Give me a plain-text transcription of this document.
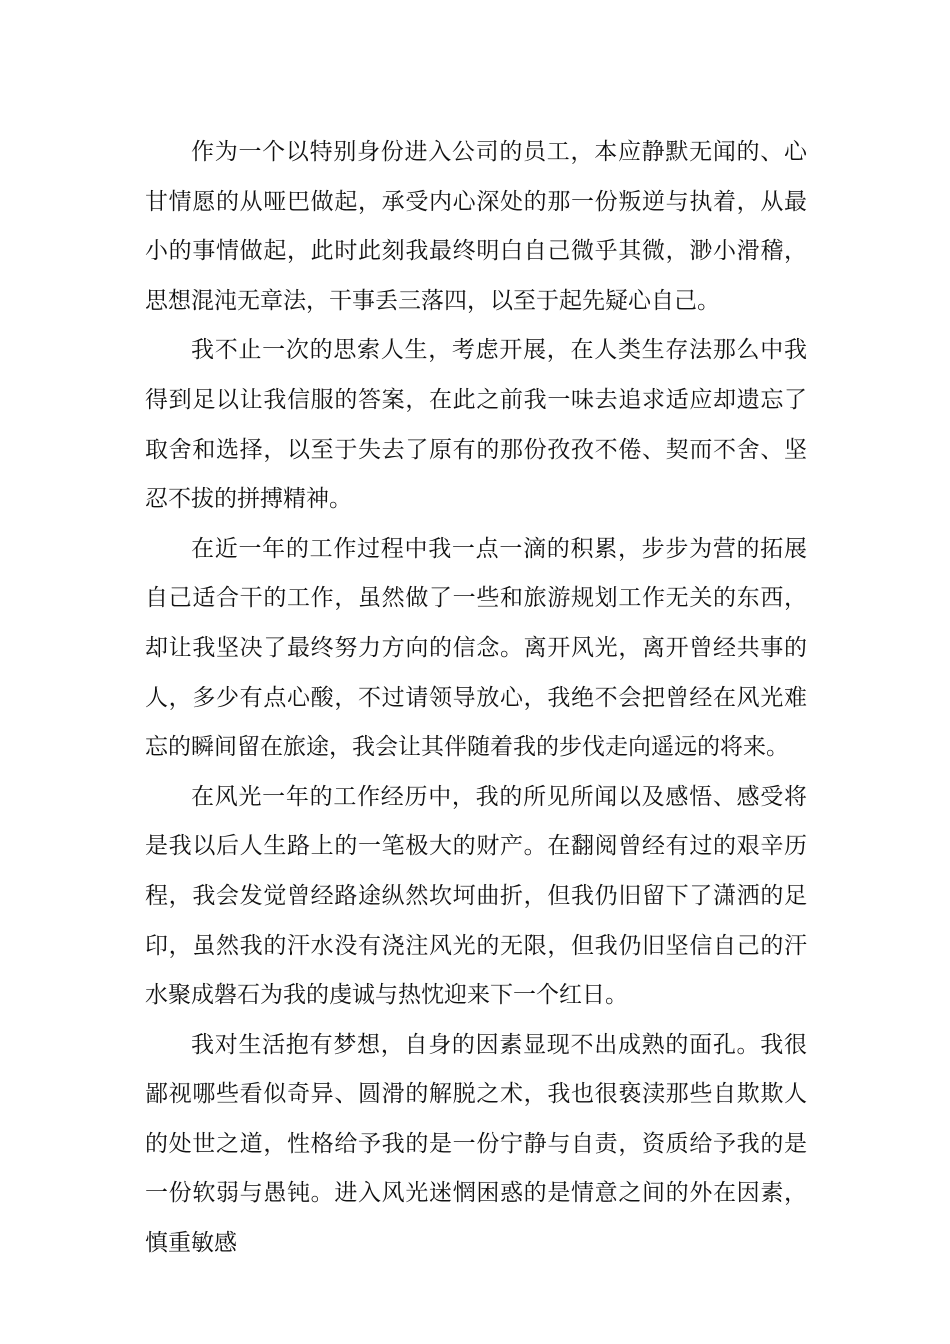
作为一个以特别身份进入公司的员工，本应静默无闻的、心甘情愿的从哑巴做起，承受内心深处的那一份叛逆与执着，从最小的事情做起，此时此刻我最终明白自己微乎其微，渺小滑稽，思想混沌无章法，干事丢三落四，以至于起先疑心自己。

我不止一次的思索人生，考虑开展，在人类生存法那么中我得到足以让我信服的答案，在此之前我一味去追求适应却遗忘了取舍和选择，以至于失去了原有的那份孜孜不倦、契而不舍、坚忍不拔的拼搏精神。

在近一年的工作过程中我一点一滴的积累，步步为营的拓展自己适合干的工作，虽然做了一些和旅游规划工作无关的东西，却让我坚决了最终努力方向的信念。离开风光，离开曾经共事的人，多少有点心酸，不过请领导放心，我绝不会把曾经在风光难忘的瞬间留在旅途，我会让其伴随着我的步伐走向遥远的将来。

在风光一年的工作经历中，我的所见所闻以及感悟、感受将是我以后人生路上的一笔极大的财产。在翻阅曾经有过的艰辛历程，我会发觉曾经路途纵然坎坷曲折，但我仍旧留下了潇洒的足印，虽然我的汗水没有浇注风光的无限，但我仍旧坚信自己的汗水聚成磐石为我的虔诚与热忱迎来下一个红日。

我对生活抱有梦想，自身的因素显现不出成熟的面孔。我很鄙视哪些看似奇异、圆滑的解脱之术，我也很亵渎那些自欺欺人的处世之道，性格给予我的是一份宁静与自责，资质给予我的是一份软弱与愚钝。进入风光迷惘困惑的是情意之间的外在因素，慎重敏感
